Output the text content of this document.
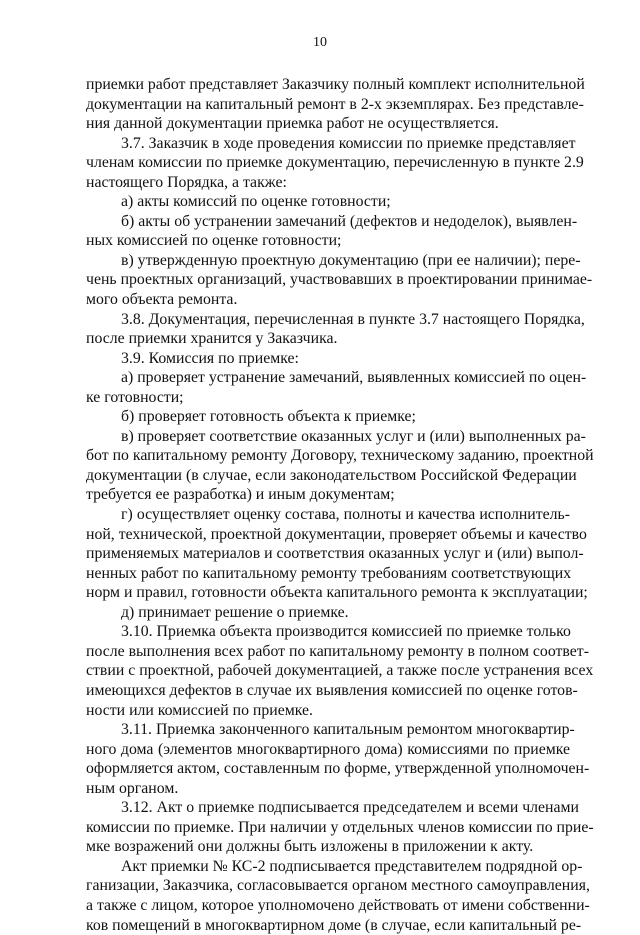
10
приемки работ представляет Заказчику полный комплект исполнительной
документации на капитальный ремонт в 2-х экземплярах. Без представле-
ния данной документации приемка работ не осуществляется.
3.7. Заказчик в ходе проведения комиссии по приемке представляет
членам комиссии по приемке документацию, перечисленную в пункте 2.9
настоящего Порядка, а также:
а) акты комиссий по оценке готовности;
б) акты об устранении замечаний (дефектов и недоделок), выявлен-
ных комиссией по оценке готовности;
в) утвержденную проектную документацию (при ее наличии); пере-
чень проектных организаций, участвовавших в проектировании принимае-
мого объекта ремонта.
3.8. Документация, перечисленная в пункте 3.7 настоящего Порядка,
после приемки хранится у Заказчика.
3.9. Комиссия по приемке:
а) проверяет устранение замечаний, выявленных комиссией по оцен-
ке готовности;
б) проверяет готовность объекта к приемке;
в) проверяет соответствие оказанных услуг и (или) выполненных ра-
бот по капитальному ремонту Договору, техническому заданию, проектной
документации (в случае, если законодательством Российской Федерации
требуется ее разработка) и иным документам;
г) осуществляет оценку состава, полноты и качества исполнитель-
ной, технической, проектной документации, проверяет объемы и качество
применяемых материалов и соответствия оказанных услуг и (или) выпол-
ненных работ по капитальному ремонту требованиям соответствующих
норм и правил, готовности объекта капитального ремонта к эксплуатации;
д) принимает решение о приемке.
3.10. Приемка объекта производится комиссией по приемке только
после выполнения всех работ по капитальному ремонту в полном соответ-
ствии с проектной, рабочей документацией, а также после устранения всех
имеющихся дефектов в случае их выявления комиссией по оценке готов-
ности или комиссией по приемке.
3.11. Приемка законченного капитальным ремонтом многоквартир-
ного дома (элементов многоквартирного дома) комиссиями по приемке
оформляется актом, составленным по форме, утвержденной уполномочен-
ным органом.
3.12. Акт о приемке подписывается председателем и всеми членами
комиссии по приемке. При наличии у отдельных членов комиссии по прие-
мке возражений они должны быть изложены в приложении к акту.
Акт приемки № КС-2 подписывается представителем подрядной ор-
ганизации, Заказчика, согласовывается органом местного самоуправления,
а также с лицом, которое уполномочено действовать от имени собственни-
ков помещений в многоквартирном доме (в случае, если капитальный ре-
